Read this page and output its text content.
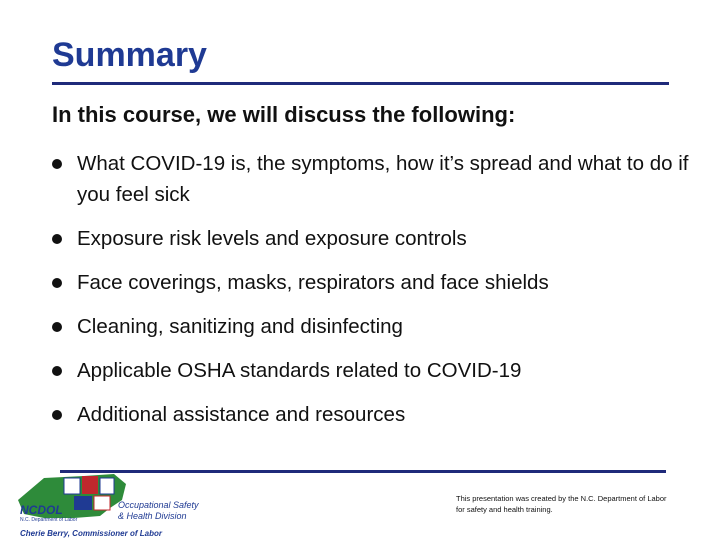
Summary
In this course, we will discuss the following:
What COVID-19 is, the symptoms, how it’s spread and what to do if you feel sick
Exposure risk levels and exposure controls
Face coverings, masks, respirators and face shields
Cleaning, sanitizing and disinfecting
Applicable OSHA standards related to COVID-19
Additional assistance and resources
NCDOL
N.C. Department of Labor
Occupational Safety
& Health Division
Cherie Berry, Commissioner of Labor
This presentation was created by the N.C. Department of Labor for safety and health training.
